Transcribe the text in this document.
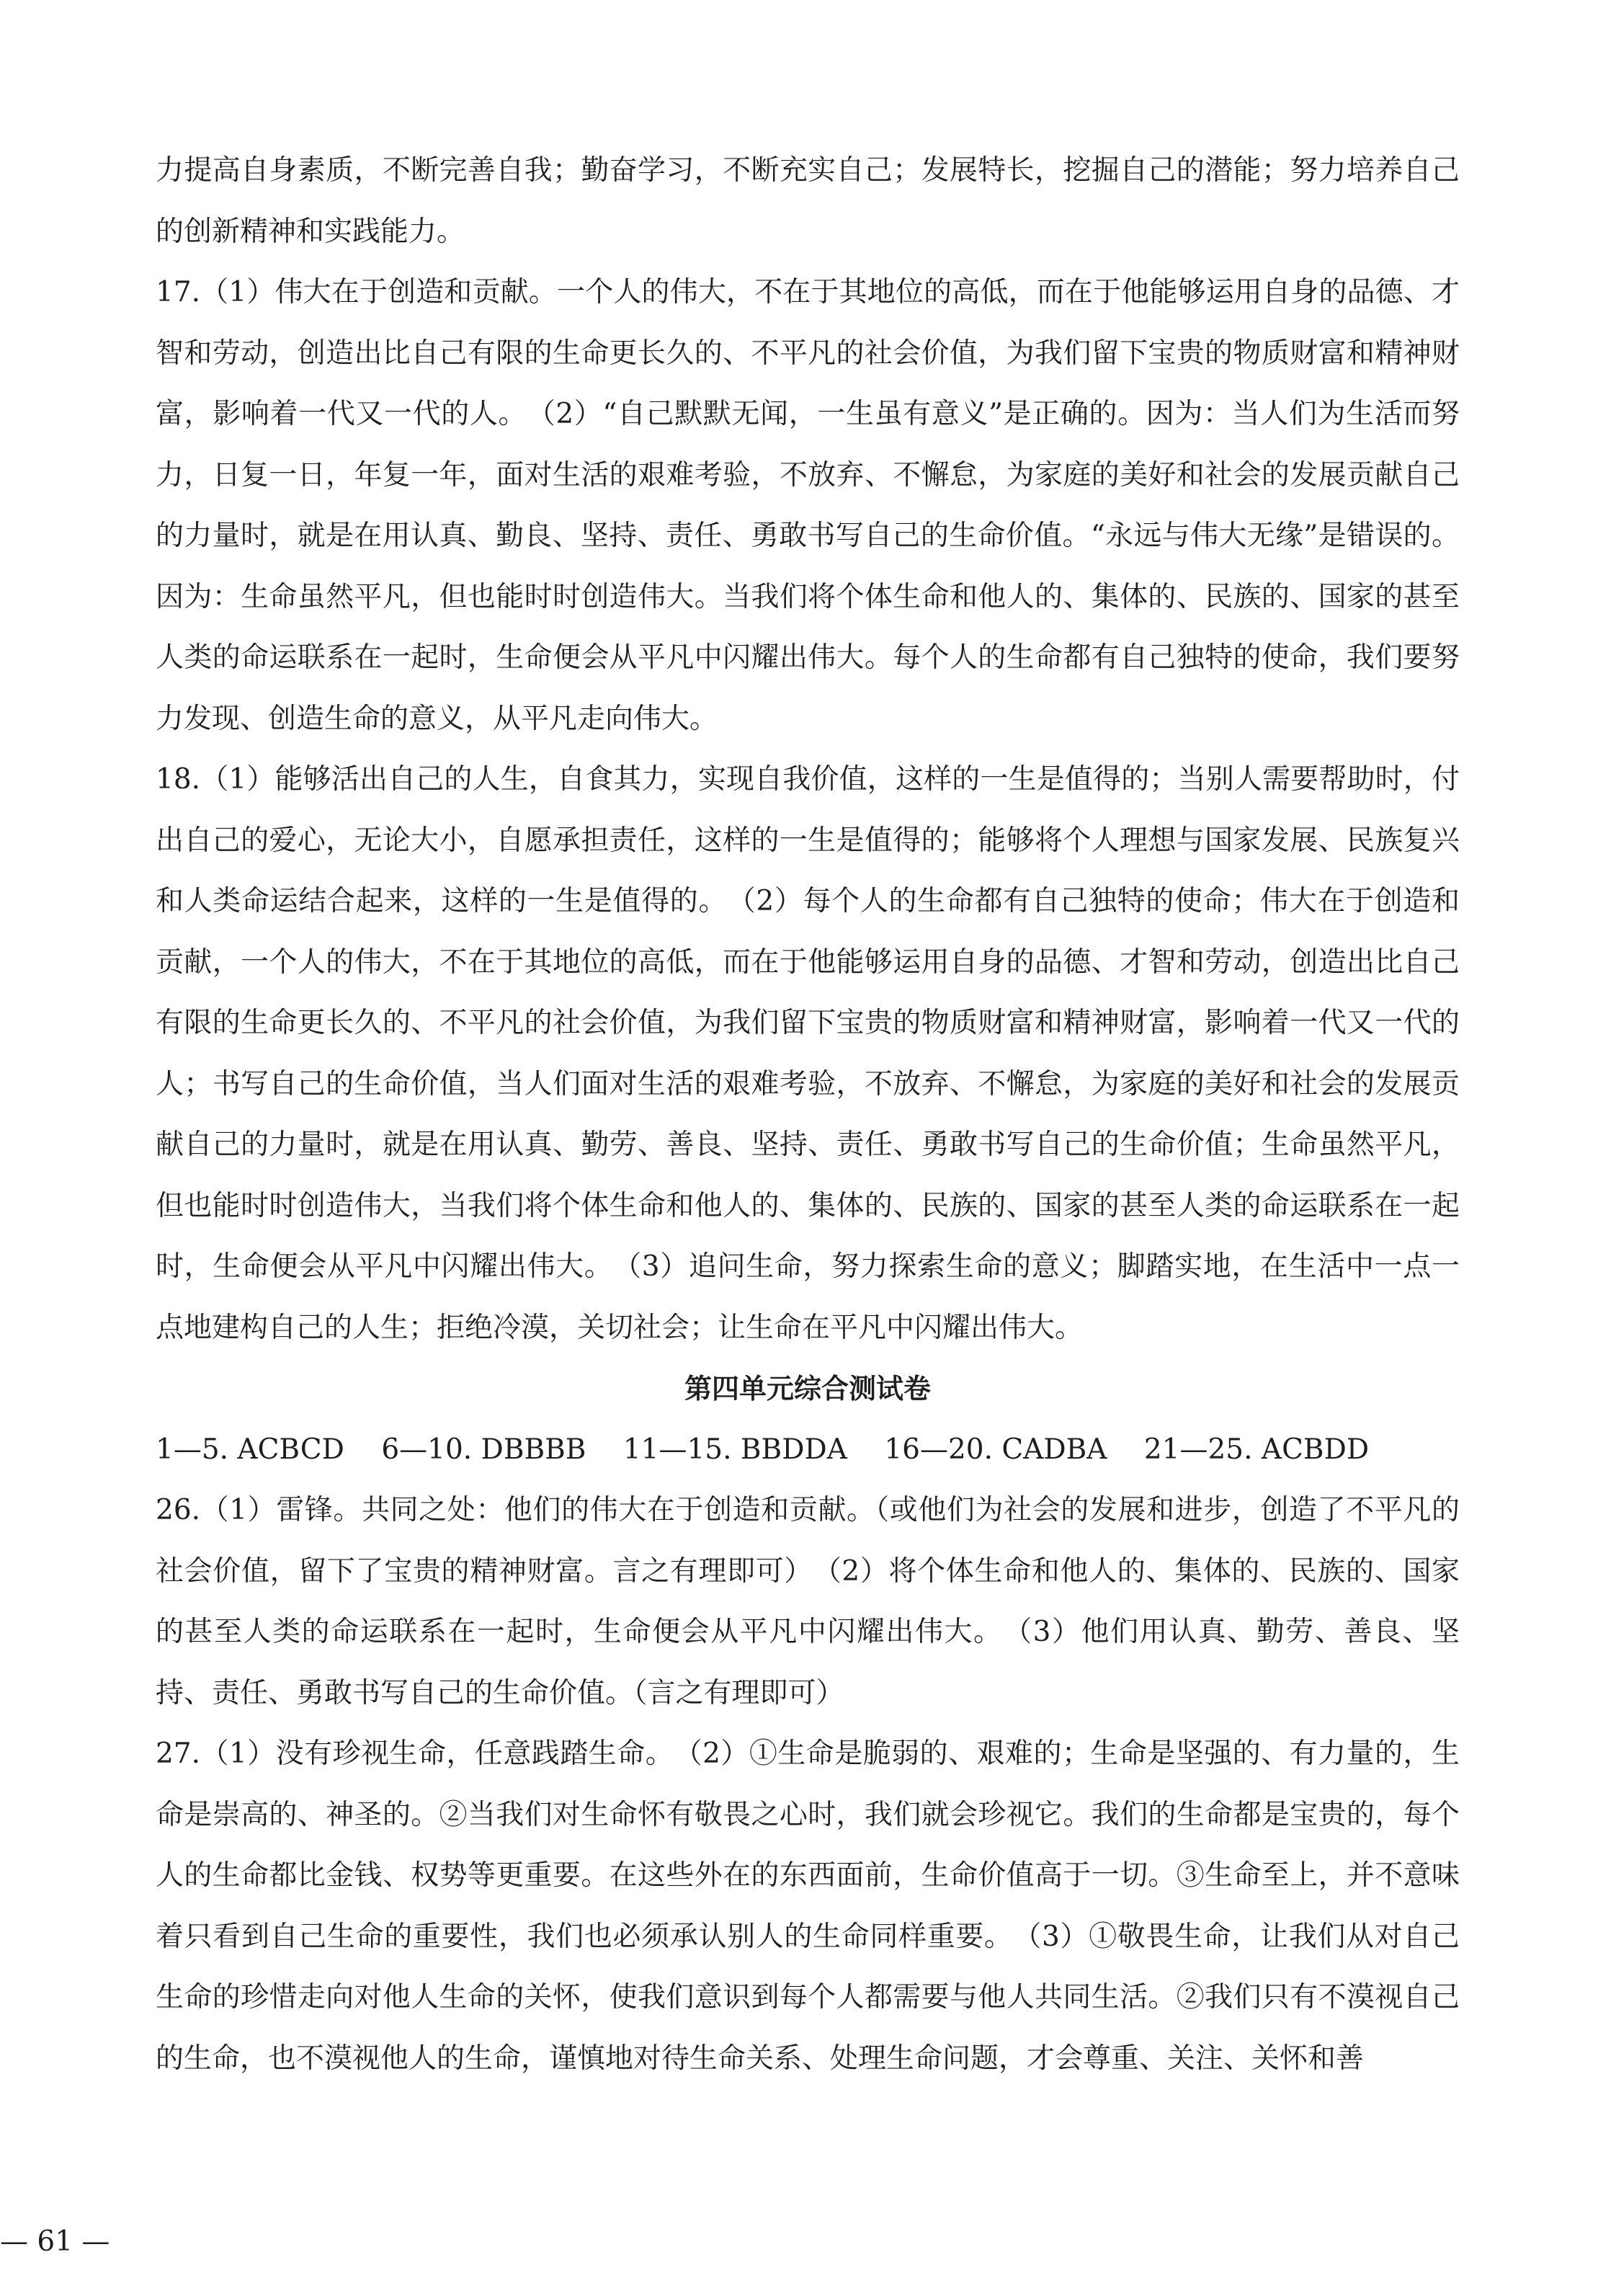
力提高自身素质，不断完善自我；勤奋学习，不断充实自己；发展特长，挖掘自己的潜能；努力培养自己的创新精神和实践能力。

17.（1）伟大在于创造和贡献。一个人的伟大，不在于其地位的高低，而在于他能够运用自身的品德、才智和劳动，创造出比自己有限的生命更长久的、不平凡的社会价值，为我们留下宝贵的物质财富和精神财富，影响着一代又一代的人。　（2）“自己默默无闻，一生虽有意义”是正确的。因为：当人们为生活而努力，日复一日，年复一年，面对生活的艰难考验，不放弃、不懈怠，为家庭的美好和社会的发展贡献自己的力量时，就是在用认真、勤良、坚持、责任、勇敢书写自己的生命价值。“永远与伟大无缘”是错误的。因为：生命虽然平凡，但也能时时创造伟大。当我们将个体生命和他人的、集体的、民族的、国家的甚至人类的命运联系在一起时，生命便会从平凡中闪耀出伟大。每个人的生命都有自己独特的使命，我们要努力发现、创造生命的意义，从平凡走向伟大。

18.（1）能够活出自己的人生，自食其力，实现自我价值，这样的一生是值得的；当别人需要帮助时，付出自己的爱心，无论大小，自愿承担责任，这样的一生是值得的；能够将个人理想与国家发展、民族复兴和人类命运结合起来，这样的一生是值得的。　（2）每个人的生命都有自己独特的使命；伟大在于创造和贡献，一个人的伟大，不在于其地位的高低，而在于他能够运用自身的品德、才智和劳动，创造出比自己有限的生命更长久的、不平凡的社会价值，为我们留下宝贵的物质财富和精神财富，影响着一代又一代的人；书写自己的生命价值，当人们面对生活的艰难考验，不放弃、不懈怠，为家庭的美好和社会的发展贡献自己的力量时，就是在用认真、勤劳、善良、坚持、责任、勇敢书写自己的生命价值；生命虽然平凡，但也能时时创造伟大，当我们将个体生命和他人的、集体的、民族的、国家的甚至人类的命运联系在一起时，生命便会从平凡中闪耀出伟大。　（3）追问生命，努力探索生命的意义；脚踏实地，在生活中一点一点地建构自己的人生；拒绝冷漠，关切社会；让生命在平凡中闪耀出伟大。

第四单元综合测试卷
1—5. ACBCD　 6—10. DBBBB　 11—15. BBDDA　 16—20. CADBA　 21—25. ACBDD

26.（1）雷锋。共同之处：他们的伟大在于创造和贡献。（或他们为社会的发展和进步，创造了不平凡的社会价值，留下了宝贵的精神财富。言之有理即可）　（2）将个体生命和他人的、集体的、民族的、国家的甚至人类的命运联系在一起时，生命便会从平凡中闪耀出伟大。　（3）他们用认真、勤劳、善良、坚持、责任、勇敢书写自己的生命价值。（言之有理即可）

27.（1）没有珍视生命，任意践踏生命。　（2）①生命是脆弱的、艰难的；生命是坚强的、有力量的，生命是崇高的、神圣的。②当我们对生命怀有敬畏之心时，我们就会珍视它。我们的生命都是宝贵的，每个人的生命都比金钱、权势等更重要。在这些外在的东西面前，生命价值高于一切。③生命至上，并不意味着只看到自己生命的重要性，我们也必须承认别人的生命同样重要。　（3）①敬畏生命，让我们从对自己生命的珍惜走向对他人生命的关怀，使我们意识到每个人都需要与他人共同生活。②我们只有不漠视自己的生命，也不漠视他人的生命，谨慎地对待生命关系、处理生命问题，才会尊重、关注、关怀和善

— 61 —
